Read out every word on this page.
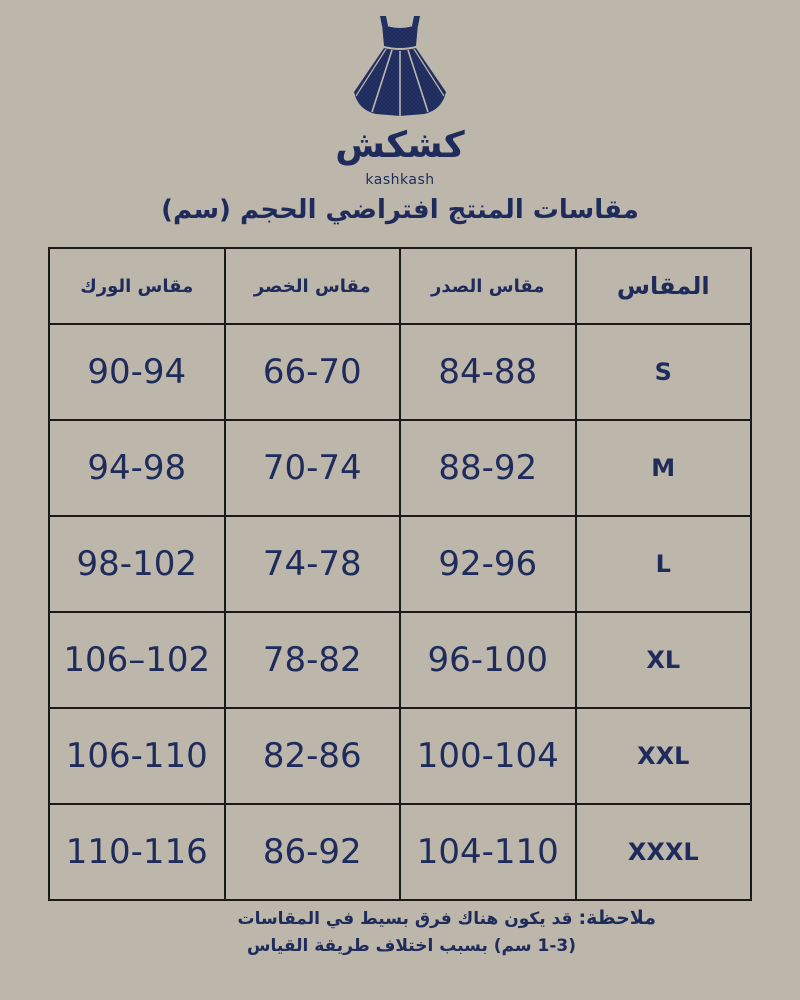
كشكش
kashkash
مقاسات المنتج افتراضي الحجم (سم)
المقاس	مقاس الصدر	مقاس الخصر	مقاس الورك
S	84-88	66-70	90-94
M	88-92	70-74	94-98
L	92-96	74-78	98-102
XL	96-100	78-82	102–106
XXL	100-104	82-86	106-110
XXXL	104-110	86-92	110-116
ملاحظة: قد يكون هناك فرق بسيط في المقاسات
(1-3 سم) بسبب اختلاف طريقة القياس
